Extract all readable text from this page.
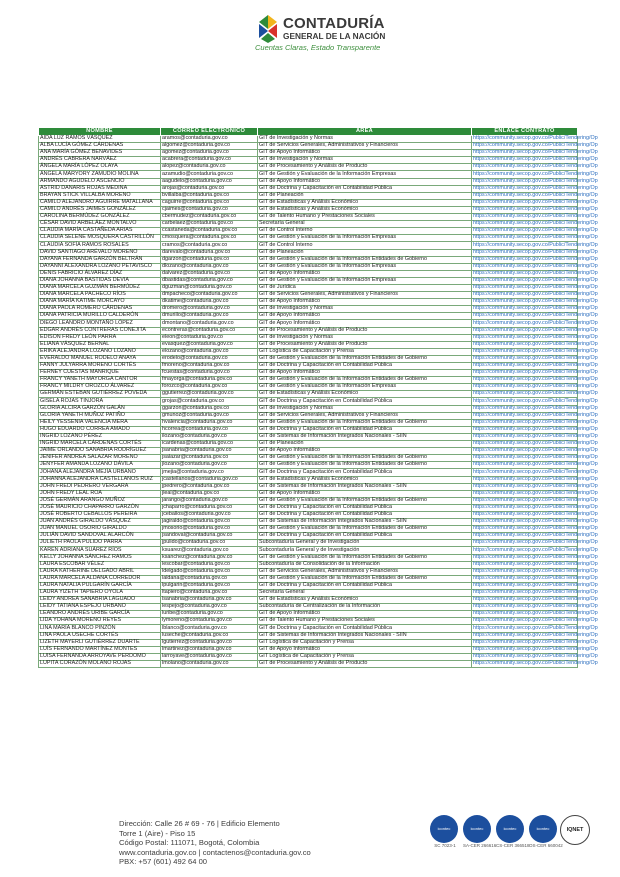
CONTADURÍA
GENERAL DE LA NACIÓN
Cuentas Claras, Estado Transparente
NOMBRE	CORREO ELECTRÓNICO	ÁREA	ENLACE CONTRATO
AIDA LUZ RAMOS VÁSQUEZ	aramos@contaduria.gov.co	GIT de Investigación y Normas	https://community.secop.gov.co/Public/Tendering/Op
ALBA LUCÍA GÓMEZ CÁRDENAS	algomez@contaduria.gov.co	GIT de Servicios Generales, Administrativos y Financieros	https://community.secop.gov.co/Public/Tendering/Op
ANA MARÍA GÓMEZ BENAVIDES	agomez@contaduria.gov.co	GIT de Apoyo Informático	https://community.secop.gov.co/Public/Tendering/Op
ANDRÉS CABRERA NARVÁEZ	acabrera@contaduria.gov.co	GIT de Investigación y Normas	https://community.secop.gov.co/Public/Tendering/Op
ÁNGELA MARÍA LÓPEZ OLAYA	alopez@contaduria.gov.co	GIT de Procesamiento y Análisis de Producto	https://community.secop.gov.co/Public/Tendering/Op
ÁNGELA MARYORY ZAMUDIO MOLINA	azamudio@contaduria.gov.co	GIT de Gestión y Evaluación de la Información Empresas	https://community.secop.gov.co/Public/Tendering/Op
ARMANDO AGUDELO ASCENCIO	aagudelo@contaduria.gov.co	GIT de Apoyo Informático	https://community.secop.gov.co/Public/Tendering/Op
ASTRID DANARIS ROJAS MEDINA	arojas@contaduria.gov.co	GIT de Doctrina y Capacitación en Contabilidad Pública	https://community.secop.gov.co/Public/Tendering/Op
BRAYAN STICK VILLALBA MORENO	bvillalba@contaduria.gov.co	GIT de Planeación	https://community.secop.gov.co/Public/Tendering/Op
CAMILO ALEJANDRO AGUIRRE MATALLANA	caguirre@contaduria.gov.co	GIT de Estadísticas y Análisis Económico	https://community.secop.gov.co/Public/Tendering/Op
CAMILO ANDRÉS JAIMES GONZÁLEZ	cjaimes@contaduria.gov.co	GIT de Estadísticas y Análisis Económico	https://community.secop.gov.co/Public/Tendering/Op
CAROLINA BERMÚDEZ GONZÁLEZ	cbermudez@contaduria.gov.co	GIT de Talento Humano y Prestaciones Sociales	https://community.secop.gov.co/Public/Tendering/Op
CÉSAR DAVID ARBELÁEZ MONTALVO	carbelaez@contaduria.gov.co	Secretaría General	https://community.secop.gov.co/Public/Tendering/Op
CLAUDIA MARÍA CASTAÑEDA ARIAS	ccastaneda@contaduria.gov.co	GIT de Control Interno	https://community.secop.gov.co/Public/Tendering/Op
CLAUDIA SELENE MOSQUERA CASTRILLÓN	cmosquera@contaduria.gov.co	GIT de Gestión y Evaluación de la Información Empresas	https://community.secop.gov.co/Public/Tendering/Op
CLAUDIA SOFÍA RAMOS ROSALES	cramos@contaduria.gov.co	GIT de Control Interno	https://community.secop.gov.co/Public/Tendering/Op
DAVID SANTIAGO ARÉVALO MORENO	darevalo@contaduria.gov.co	GIT de Planeación	https://community.secop.gov.co/Public/Tendering/Op
DAYANA FERNANDA GARZÓN BELTRÁN	dgarzon@contaduria.gov.co	GIT de Gestión y Evaluación de la Información Entidades de Gobierno	https://community.secop.gov.co/Public/Tendering/Op
DAYANNI ALEXANDRA LOZANO PETAVISCO	dlozano@contaduria.gov.co	GIT de Gestión y Evaluación de la Información Empresas	https://community.secop.gov.co/Public/Tendering/Op
DENIS FABRICIO ÁLVAREZ DÍAZ	dalvarez@contaduria.gov.co	GIT de Apoyo Informático	https://community.secop.gov.co/Public/Tendering/Op
DIANA JOHANNA BASTIDAS DEVIA	dbastidas@contaduria.gov.co	GIT de Gestión y Evaluación de la Información Empresas	https://community.secop.gov.co/Public/Tendering/Op
DIANA MARCELA GUZMÁN BERMÚDEZ	dguzman@contaduria.gov.co	GIT de Jurídica	https://community.secop.gov.co/Public/Tendering/Op
DIANA MARCELA PACHECO RÍOS	dmpacheco@contaduria.gov.co	GIT de Servicios Generales, Administrativos y Financieros	https://community.secop.gov.co/Public/Tendering/Op
DIANA MARÍA KATIME MORCAYO	dkatime@contaduria.gov.co	GIT de Apoyo Informático	https://community.secop.gov.co/Public/Tendering/Op
DIANA PAOLA ROMERO CÁRDENAS	dromero@contaduria.gov.co	GIT de Investigación y Normas	https://community.secop.gov.co/Public/Tendering/Op
DIANA PATRICIA MURILLO CALDERÓN	dmurillo@contaduria.gov.co	GIT de Apoyo Informático	https://community.secop.gov.co/Public/Tendering/Op
DIEGO LEANDRO MONTAÑO LÓPEZ	dmontano@contaduria.gov.co	GIT de Apoyo Informático	https://community.secop.gov.co/Public/Tendering/Op
EDGAR ANDRÉS CONTRERAS CONEJITA	econtreras@contaduria.gov.co	GIT de Procesamiento y Análisis de Producto	https://community.secop.gov.co/Public/Tendering/Op
EDISON FREDY LEÓN PARRA	eleon@contaduria.gov.co	GIT de Investigación y Normas	https://community.secop.gov.co/Public/Tendering/Op
ELIANA VÁSQUEZ BERNAL	evasquez@contaduria.gov.co	GIT de Procesamiento y Análisis de Producto	https://community.secop.gov.co/Public/Tendering/Op
ERIKA ALEJANDRA LOZANO LOZANO	elozano@contaduria.gov.co	GIT Logística de Capacitación y Prensa	https://community.secop.gov.co/Public/Tendering/Op
EVERALDO MANUEL RODELO ANAYA	erodelo@contaduria.gov.co	GIT de Gestión y Evaluación de la Información Entidades de Gobierno	https://community.secop.gov.co/Public/Tendering/Op
FANNY JULYARRA MORENO CORTÉS	fmoreno@contaduria.gov.co	GIT de Doctrina y Capacitación en Contabilidad Pública	https://community.secop.gov.co/Public/Tendering/Op
FERNEY CUESTAS MANRIQUE	fcuestas@contaduria.gov.co	GIT de Apoyo Informático	https://community.secop.gov.co/Public/Tendering/Op
FRANCY YANETH MAYORGA CANTOR	fmayorga@contaduria.gov.co	GIT de Gestión y Evaluación de la Información Entidades de Gobierno	https://community.secop.gov.co/Public/Tendering/Op
FRANCY MILDRY OROZCO ÁLVAREZ	forozco@contaduria.gov.co	GIT de Gestión y Evaluación de la Información Empresas	https://community.secop.gov.co/Public/Tendering/Op
GERMÁN ESTEBAN GUTIÉRREZ POVEDA	ggutierrez@contaduria.gov.co	GIT de Estadísticas y Análisis Económico	https://community.secop.gov.co/Public/Tendering/Op
GISELA ROJAS TINJORA	grojas@contaduria.gov.co	GIT de Doctrina y Capacitación en Contabilidad Pública	https://community.secop.gov.co/Public/Tendering/Op
GLORIA ALCIRA GARZÓN GALÁN	ggarzon@contaduria.gov.co	GIT de Investigación y Normas	https://community.secop.gov.co/Public/Tendering/Op
GLORIA YANETH MUÑOZ PATIÑO	gmunoz@contaduria.gov.co	GIT de Servicios Generales, Administrativos y Financieros	https://community.secop.gov.co/Public/Tendering/Op
HEILY YESSENIA VALENCIA MERA	hvalencia@contaduria.gov.co	GIT de Gestión y Evaluación de la Información Entidades de Gobierno	https://community.secop.gov.co/Public/Tendering/Op
HUGO EDUARDO CORREA AMADO	hcorrea@contaduria.gov.co	GIT de Doctrina y Capacitación en Contabilidad Pública	https://community.secop.gov.co/Public/Tendering/Op
INGRID LOZANO PÉREZ	ilozano@contaduria.gov.co	GIT de Sistemas de Información Integrados Nacionales - SIIN	https://community.secop.gov.co/Public/Tendering/Op
INGRID MARCELA CÁRDENAS CORTÉS	icardenas@contaduria.gov.co	GIT de Planeación	https://community.secop.gov.co/Public/Tendering/Op
JAIME ORLANDO SANABRIA RODRÍGUEZ	jsanabria@contaduria.gov.co	GIT de Apoyo Informático	https://community.secop.gov.co/Public/Tendering/Op
JENIFER ANDREA SALAZAR MORENO	jsalazar@contaduria.gov.co	GIT de Gestión y Evaluación de la Información Entidades de Gobierno	https://community.secop.gov.co/Public/Tendering/Op
JENYFER AMANDA LOZANO DÁVILA	jlozano@contaduria.gov.co	GIT de Gestión y Evaluación de la Información Entidades de Gobierno	https://community.secop.gov.co/Public/Tendering/Op
JOHANA ALEJANDRA MEJÍA URBANO	jmejia@contaduria.gov.co	GIT de Doctrina y Capacitación en Contabilidad Pública	https://community.secop.gov.co/Public/Tendering/Op
JOHANNA ALEJANDRA CASTELLANOS RUIZ	jcastellanos@contaduria.gov.co	GIT de Estadísticas y Análisis Económico	https://community.secop.gov.co/Public/Tendering/Op
JOHN FREDI PEDRERO VERGARA	jpedrero@contaduria.gov.co	GIT de Sistemas de Información Integrados Nacionales - SIIN	https://community.secop.gov.co/Public/Tendering/Op
JOHN FREDY LEAL ROA	jleal@contaduria.gov.co	GIT de Apoyo Informático	https://community.secop.gov.co/Public/Tendering/Op
JOSÉ GERMÁN ARANGO MUÑOZ	jarango@contaduria.gov.co	GIT de Gestión y Evaluación de la Información Entidades de Gobierno	https://community.secop.gov.co/Public/Tendering/Op
JOSÉ MAURICIO CHAPARRO GARZÓN	jchaparro@contaduria.gov.co	GIT de Doctrina y Capacitación en Contabilidad Pública	https://community.secop.gov.co/Public/Tendering/Op
JOSÉ ROBERTO CEBALLOS PEREIRA	jceballos@contaduria.gov.co	GIT de Doctrina y Capacitación en Contabilidad Pública	https://community.secop.gov.co/Public/Tendering/Op
JUAN ANDRÉS GIRALDO VÁSQUEZ	jagiraldo@contaduria.gov.co	GIT de Sistemas de Información Integrados Nacionales - SIIN	https://community.secop.gov.co/Public/Tendering/Op
JUAN MANUEL OSORIO GIRALDO	jmosorio@contaduria.gov.co	GIT de Gestión y Evaluación de la Información Entidades de Gobierno	https://community.secop.gov.co/Public/Tendering/Op
JULIÁN DAVID SANDOVAL ALARCÓN	jsandoval@contaduria.gov.co	GIT de Doctrina y Capacitación en Contabilidad Pública	https://community.secop.gov.co/Public/Tendering/Op
JULIETH PAOLA PULIDO PARRA	jpulido@contaduria.gov.co	Subcontaduría General y de Investigación	https://community.secop.gov.co/Public/Tendering/Op
KAREN ADRIANA SUÁREZ RÍOS	ksuarez@contaduria.gov.co	Subcontaduría General y de Investigación	https://community.secop.gov.co/Public/Tendering/Op
KELLY JOHANNA SÁNCHEZ RAMOS	ksanchez@contaduria.gov.co	GIT de Gestión y Evaluación de la Información Entidades de Gobierno	https://community.secop.gov.co/Public/Tendering/Op
LAURA ESCOBAR VÉLEZ	lescobar@contaduria.gov.co	Subcontaduría de Consolidación de la Información	https://community.secop.gov.co/Public/Tendering/Op
LAURA KATHERINE DELGADO ABRIL	ldelgado@contaduria.gov.co	GIT de Servicios Generales, Administrativos y Financieros	https://community.secop.gov.co/Public/Tendering/Op
LAURA MARCELA ALDANA CORREDOR	laldana@contaduria.gov.co	GIT de Gestión y Evaluación de la Información Entidades de Gobierno	https://community.secop.gov.co/Public/Tendering/Op
LAURA NATALIA PULGARÍN GARCÍA	lpulgarin@contaduria.gov.co	GIT de Doctrina y Capacitación en Contabilidad Pública	https://community.secop.gov.co/Public/Tendering/Op
LAURA YIZETH TAPIERO OYOLA	ltapiero@contaduria.gov.co	Secretaría General	https://community.secop.gov.co/Public/Tendering/Op
LEIDY ANDREA SANABRIA LAGUADO	lsanabria@contaduria.gov.co	GIT de Estadísticas y Análisis Económico	https://community.secop.gov.co/Public/Tendering/Op
LEIDY TATIANA ESPEJO URBANO	lespejo@contaduria.gov.co	Subcontaduría de Centralización de la Información	https://community.secop.gov.co/Public/Tendering/Op
LEANDRO ANDRÉS URIBE GARCÍA	luribe@contaduria.gov.co	GIT de Apoyo Informático	https://community.secop.gov.co/Public/Tendering/Op
LIDA YOHANA MORENO REYES	lymoreno@contaduria.gov.co	GIT de Talento Humano y Prestaciones Sociales	https://community.secop.gov.co/Public/Tendering/Op
LINA MARÍA BLANCO PINZÓN	lblanco@contaduria.gov.co	GIT de Doctrina y Capacitación en Contabilidad Pública	https://community.secop.gov.co/Public/Tendering/Op
LINA PAOLA USECHE CORTÉS	luseche@contaduria.gov.co	GIT de Sistemas de Información Integrados Nacionales - SIIN	https://community.secop.gov.co/Public/Tendering/Op
LIZETH MAYERLI GUTIÉRREZ DUARTE	lgutierrez@contaduria.gov.co	GIT Logística de Capacitación y Prensa	https://community.secop.gov.co/Public/Tendering/Op
LUÍS FERNANDO MARTÍNEZ MONTES	lmartinez@contaduria.gov.co	GIT de Apoyo Informático	https://community.secop.gov.co/Public/Tendering/Op
LUISA FERNANDA ARROYAVE PERDOMO	larroyave@contaduria.gov.co	GIT Logística de Capacitación y Prensa	https://community.secop.gov.co/Public/Tendering/Op
LUPITA CORAZÓN MOLANO ROJAS	lmolano@contaduria.gov.co	GIT de Procesamiento y Análisis de Producto	https://community.secop.gov.co/Public/Tendering/Op
Dirección: Calle 26 # 69 - 76 | Edificio Elemento
Torre 1 (Aire) - Piso 15
Código Postal: 111071, Bogotá, Colombia
www.contaduria.gov.co | contactenos@contaduria.gov.co
PBX: +57 (601) 492 64 00
icontec
SC 7023-1
icontec
SA-CER 266616
icontec
CS-CER 366518
icontec
OS-CER 660042
IQNET
